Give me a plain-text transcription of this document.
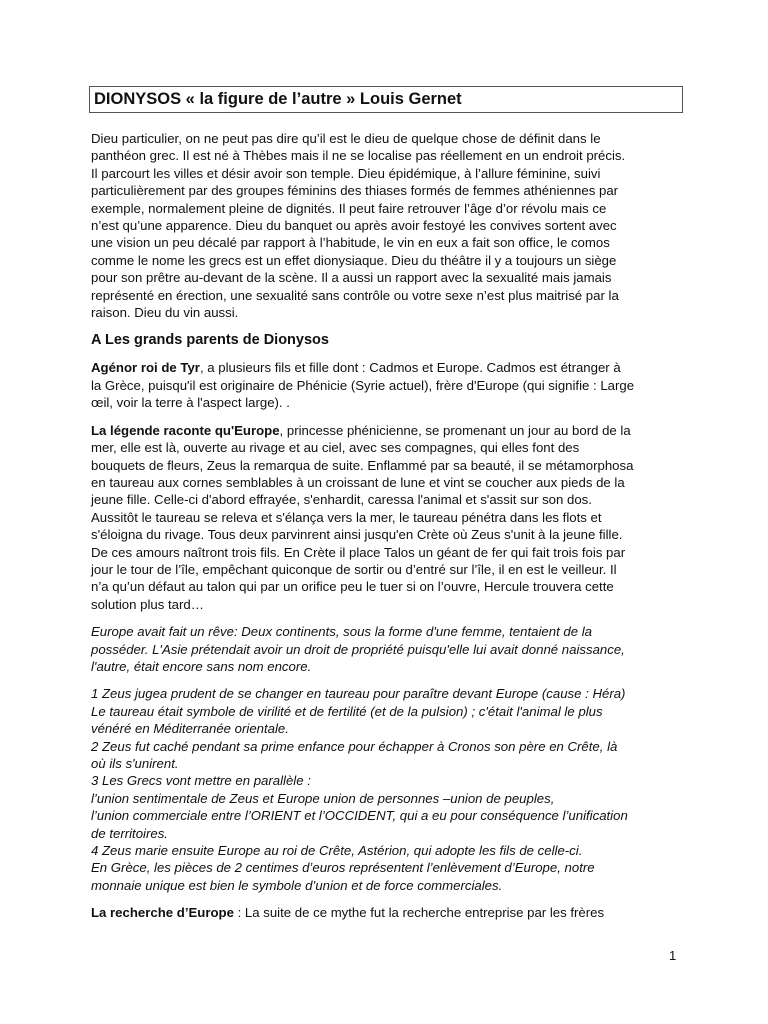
DIONYSOS « la figure de l’autre » Louis Gernet
Dieu particulier, on ne peut pas dire qu’il est le dieu de quelque chose de définit dans le
panthéon grec. Il est né à Thèbes mais il ne se localise pas réellement en un endroit précis.
Il parcourt les villes et désir avoir son temple. Dieu épidémique, à l’allure féminine, suivi
particulièrement par des groupes féminins des thiases formés de femmes athéniennes par
exemple, normalement pleine de dignités. Il peut faire retrouver l’âge d’or révolu mais ce
n’est qu’une apparence. Dieu du banquet ou après avoir festoyé les convives sortent avec
une vision un peu décalé par rapport à l’habitude, le vin en eux a fait son office, le comos
comme le nome les grecs est un effet dionysiaque. Dieu du théâtre il y a toujours un siège
pour son prêtre au-devant de la scène. Il a aussi un rapport avec la sexualité mais jamais
représenté en érection, une sexualité sans contrôle ou votre sexe n’est plus maitrisé par la
raison. Dieu du vin aussi.
A Les grands parents de Dionysos
Agénor roi de Tyr, a plusieurs fils et fille dont : Cadmos et Europe. Cadmos est étranger à
la Grèce, puisqu'il est originaire de Phénicie (Syrie actuel), frère d'Europe (qui signifie : Large
œil, voir la terre à l'aspect large). .
La légende raconte qu'Europe, princesse phénicienne, se promenant un jour au bord de la
mer, elle est là, ouverte au rivage et au ciel, avec ses compagnes, qui elles font des
bouquets de fleurs, Zeus la remarqua de suite. Enflammé par sa beauté, il se métamorphosa
en taureau aux cornes semblables à un croissant de lune et vint se coucher aux pieds de la
jeune fille. Celle-ci d'abord effrayée, s'enhardit, caressa l'animal et s'assit sur son dos.
Aussitôt le taureau se releva et s'élança vers la mer, le taureau pénétra dans les flots et
s'éloigna du rivage. Tous deux parvinrent ainsi jusqu'en Crète où Zeus s'unit à la jeune fille.
De ces amours naîtront trois fils. En Crète il place Talos un géant de fer qui fait trois fois par
jour le tour de l’île, empêchant quiconque de sortir ou d’entré sur l’île, il en est le veilleur. Il
n’a qu’un défaut au talon qui par un orifice peu le tuer si on l’ouvre, Hercule trouvera cette
solution plus tard…
Europe avait fait un rêve: Deux continents, sous la forme d'une femme, tentaient de la
posséder. L'Asie prétendait avoir un droit de propriété puisqu'elle lui avait donné naissance,
l'autre, était encore sans nom encore.
1 Zeus jugea prudent de se changer en taureau pour paraître devant Europe (cause : Héra)
Le taureau était symbole de virilité et de fertilité (et de la pulsion) ; c'était l'animal le plus
vénéré en Méditerranée orientale.
2 Zeus fut caché pendant sa prime enfance pour échapper à Cronos son père en Crête, là
où ils s'unirent.
3 Les Grecs vont mettre en parallèle :
l’union sentimentale de Zeus et Europe union de personnes –union de peuples,
l’union commerciale entre l’ORIENT et l’OCCIDENT, qui a eu pour conséquence l’unification
de territoires.
4 Zeus marie ensuite Europe au roi de Crête, Astérion, qui adopte les fils de celle-ci.
En Grèce, les pièces de 2 centimes d’euros représentent l’enlèvement d’Europe, notre
monnaie unique est bien le symbole d’union et de force commerciales.
La recherche d’Europe : La suite de ce mythe fut la recherche entreprise par les frères
1
